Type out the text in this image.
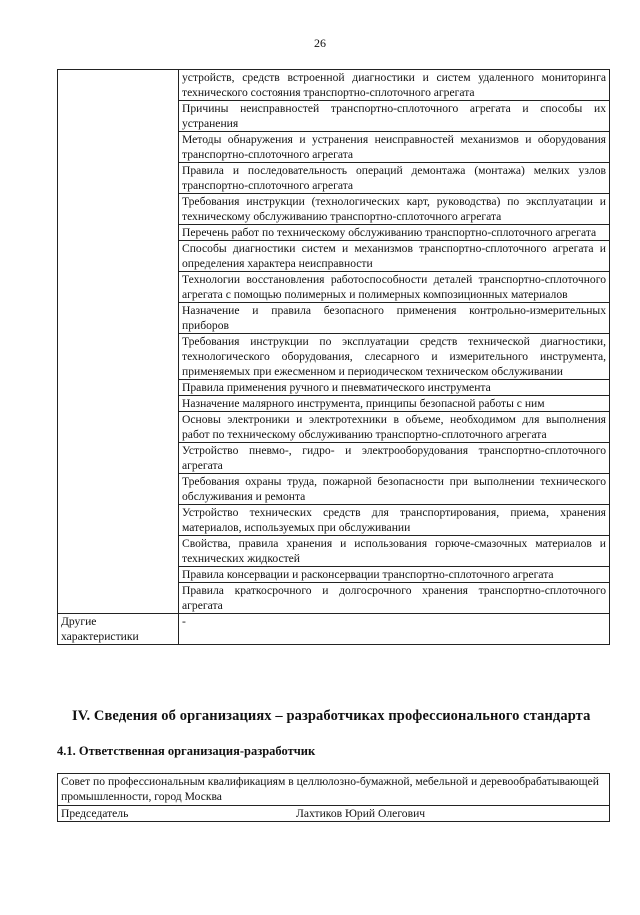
26
	устройств, средств встроенной диагностики и систем удаленного мониторинга технического состояния транспортно-сплоточного агрегата
	Причины неисправностей транспортно-сплоточного агрегата и способы их устранения
	Методы обнаружения и устранения неисправностей механизмов и оборудования транспортно-сплоточного агрегата
	Правила и последовательность операций демонтажа (монтажа) мелких узлов транспортно-сплоточного агрегата
	Требования инструкции (технологических карт, руководства) по эксплуатации и техническому обслуживанию транспортно-сплоточного агрегата
	Перечень работ по техническому обслуживанию транспортно-сплоточного агрегата
	Способы диагностики систем и механизмов транспортно-сплоточного агрегата и определения характера неисправности
	Технологии восстановления работоспособности деталей транспортно-сплоточного агрегата с помощью полимерных и полимерных композиционных материалов
	Назначение и правила безопасного применения контрольно-измерительных приборов
	Требования инструкции по эксплуатации средств технической диагностики, технологического оборудования, слесарного и измерительного инструмента, применяемых при ежесменном и периодическом техническом обслуживании
	Правила применения ручного и пневматического инструмента
	Назначение малярного инструмента, принципы безопасной работы с ним
	Основы электроники и электротехники в объеме, необходимом для выполнения работ по техническому обслуживанию транспортно-сплоточного агрегата
	Устройство пневмо-, гидро- и электрооборудования транспортно-сплоточного агрегата
	Требования охраны труда, пожарной безопасности при выполнении технического обслуживания и ремонта
	Устройство технических средств для транспортирования, приема, хранения материалов, используемых при обслуживании
	Свойства, правила хранения и использования горюче-смазочных материалов и технических жидкостей
	Правила консервации и расконсервации транспортно-сплоточного агрегата
	Правила краткосрочного и долгосрочного хранения транспортно-сплоточного агрегата
Другие характеристики	-
IV. Сведения об организациях – разработчиках профессионального стандарта
4.1. Ответственная организация-разработчик
Совет по профессиональным квалификациям в целлюлозно-бумажной, мебельной и деревообрабатывающей промышленности, город Москва

Председатель	Лахтиков Юрий Олегович
